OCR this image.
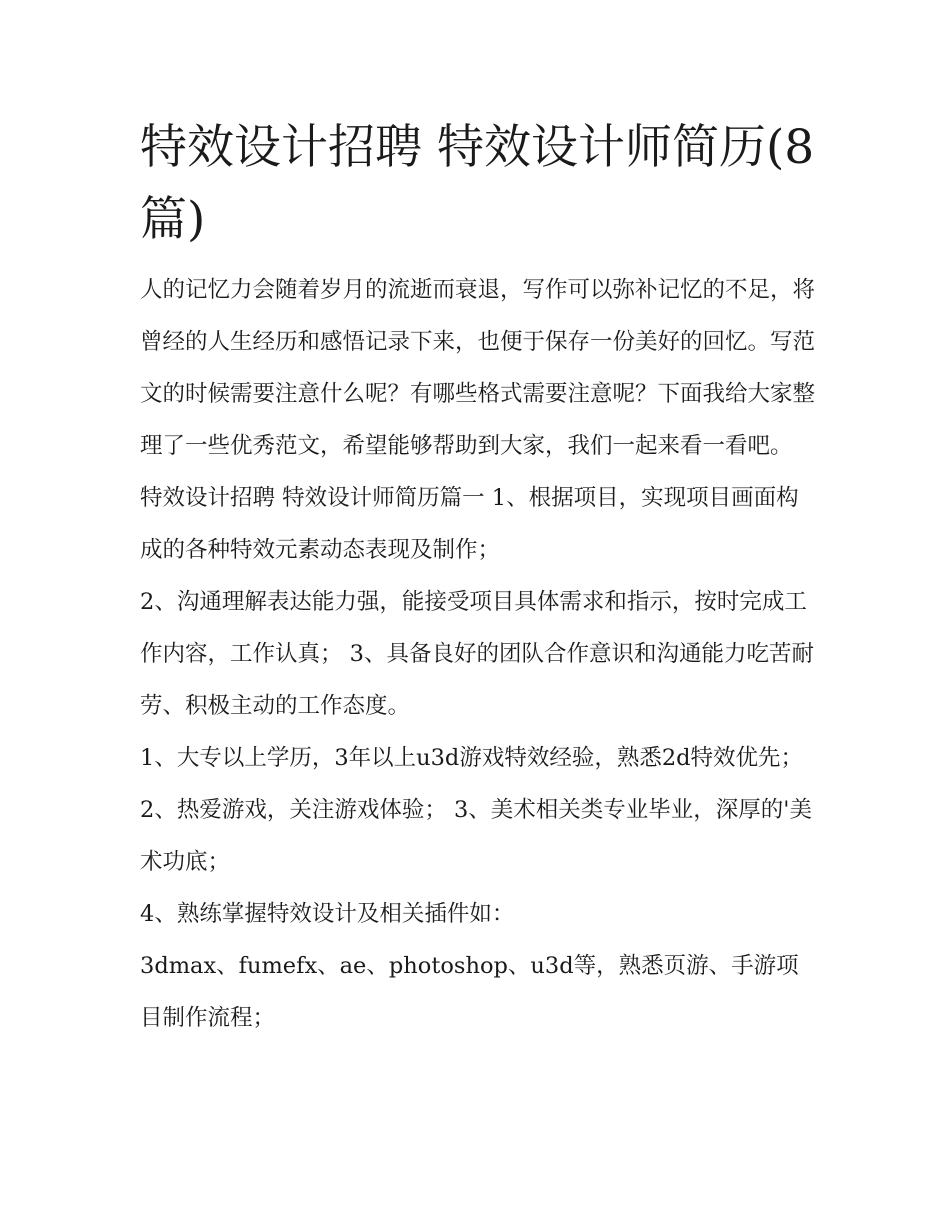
特效设计招聘 特效设计师简历(8篇)

人的记忆力会随着岁月的流逝而衰退，写作可以弥补记忆的不足，将曾经的人生经历和感悟记录下来，也便于保存一份美好的回忆。写范文的时候需要注意什么呢？有哪些格式需要注意呢？下面我给大家整理了一些优秀范文，希望能够帮助到大家，我们一起来看一看吧。

特效设计招聘 特效设计师简历篇一 1、根据项目，实现项目画面构成的各种特效元素动态表现及制作；

2、沟通理解表达能力强，能接受项目具体需求和指示，按时完成工作内容，工作认真； 3、具备良好的团队合作意识和沟通能力吃苦耐劳、积极主动的工作态度。

1、大专以上学历，3年以上u3d游戏特效经验，熟悉2d特效优先； 2、热爱游戏，关注游戏体验； 3、美术相关类专业毕业，深厚的'美术功底；

4、熟练掌握特效设计及相关插件如：

3dmax、fumefx、ae、photoshop、u3d等，熟悉页游、手游项目制作流程；
